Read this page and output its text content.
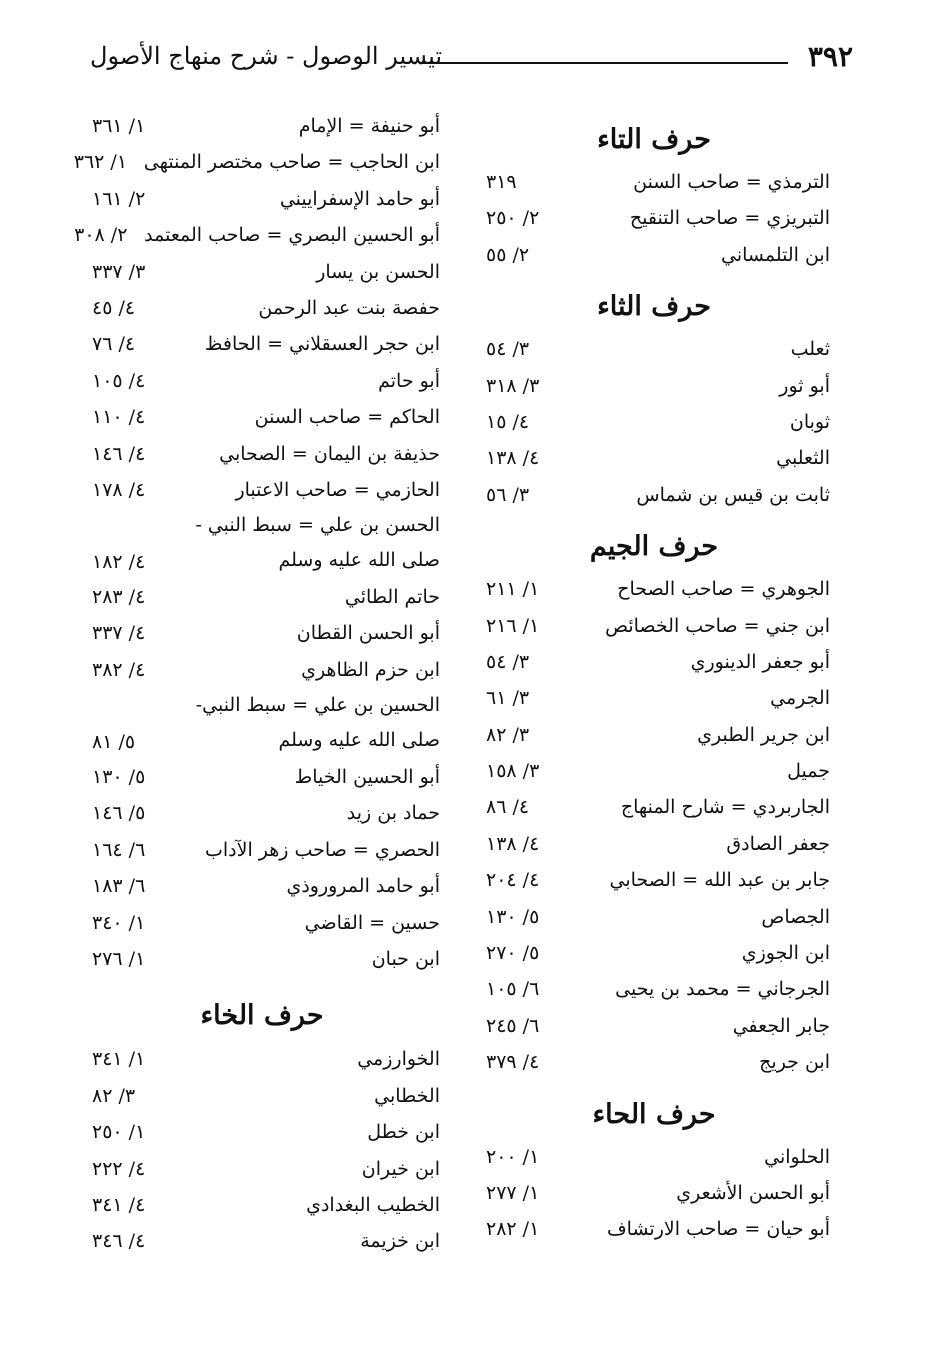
٣٩٢
تيسير الوصول - شرح منهاج الأصول
حرف التاء
الترمذي = صاحب السنن
٣١٩
التبريزي = صاحب التنقيح
٢/ ٢٥٠
ابن التلمساني
٢/ ٥٥
حرف الثاء
ثعلب
٣/ ٥٤
أبو ثور
٣/ ٣١٨
ثوبان
٤/ ١٥
الثعلبي
٤/ ١٣٨
ثابت بن قيس بن شماس
٣/ ٥٦
حرف الجيم
الجوهري = صاحب الصحاح
١/ ٢١١
ابن جني = صاحب الخصائص
١/ ٢١٦
أبو جعفر الدينوري
٣/ ٥٤
الجرمي
٣/ ٦١
ابن جرير الطبري
٣/ ٨٢
جميل
٣/ ١٥٨
الجاربردي = شارح المنهاج
٤/ ٨٦
جعفر الصادق
٤/ ١٣٨
جابر بن عبد الله = الصحابي
٤/ ٢٠٤
الجصاص
٥/ ١٣٠
ابن الجوزي
٥/ ٢٧٠
الجرجاني = محمد بن يحيى
٦/ ١٠٥
جابر الجعفي
٦/ ٢٤٥
ابن جريج
٤/ ٣٧٩
حرف الحاء
الحلواني
١/ ٢٠٠
أبو الحسن الأشعري
١/ ٢٧٧
أبو حيان = صاحب الارتشاف
١/ ٢٨٢
أبو حنيفة = الإمام
١/ ٣٦١
ابن الحاجب = صاحب مختصر المنتهى
١/ ٣٦٢
أبو حامد الإسفراييني
٢/ ١٦١
أبو الحسين البصري = صاحب المعتمد
٢/ ٣٠٨
الحسن بن يسار
٣/ ٣٣٧
حفصة بنت عبد الرحمن
٤/ ٤٥
ابن حجر العسقلاني = الحافظ
٤/ ٧٦
أبو حاتم
٤/ ١٠٥
الحاكم = صاحب السنن
٤/ ١١٠
حذيفة بن اليمان = الصحابي
٤/ ١٤٦
الحازمي = صاحب الاعتبار
٤/ ١٧٨
الحسن بن علي = سبط النبي - صلى الله عليه وسلم
٤/ ١٨٢
حاتم الطائي
٤/ ٢٨٣
أبو الحسن القطان
٤/ ٣٣٧
ابن حزم الظاهري
٤/ ٣٨٢
الحسين بن علي = سبط النبي- صلى الله عليه وسلم
٥/ ٨١
أبو الحسين الخياط
٥/ ١٣٠
حماد بن زيد
٥/ ١٤٦
الحصري = صاحب زهر الآداب
٦/ ١٦٤
أبو حامد المروروذي
٦/ ١٨٣
حسين = القاضي
١/ ٣٤٠
ابن حبان
١/ ٢٧٦
حرف الخاء
الخوارزمي
١/ ٣٤١
الخطابي
٣/ ٨٢
ابن خطل
١/ ٢٥٠
ابن خيران
٤/ ٢٢٢
الخطيب البغدادي
٤/ ٣٤١
ابن خزيمة
٤/ ٣٤٦
